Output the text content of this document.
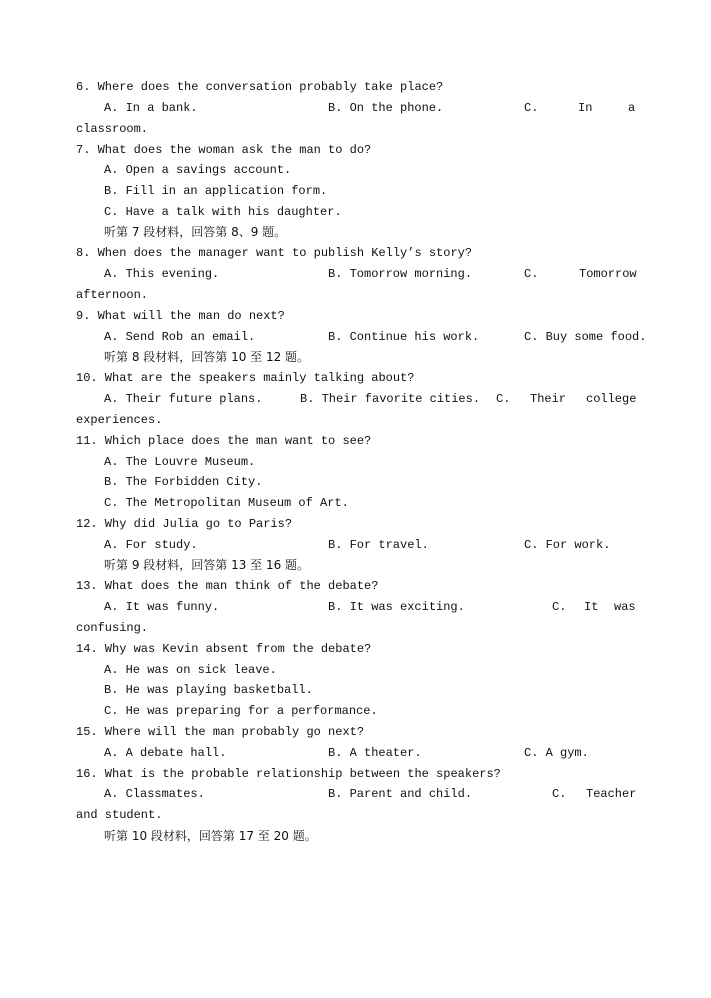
6. Where does the conversation probably take place?
A. In a bank.	B. On the phone.	C.	In	a
classroom.
7. What does the woman ask the man to do?
A. Open a savings account.
B. Fill in an application form.
C. Have a talk with his daughter.
听第 7 段材料，回答第 8、9 题。
8. When does the manager want to publish Kelly’s story?
A. This evening.	B. Tomorrow morning.	C.	Tomorrow
afternoon.
9. What will the man do next?
A. Send Rob an email.	B. Continue his work.	C. Buy some food.
听第 8 段材料，回答第 10 至 12 题。
10. What are the speakers mainly talking about?
A. Their future plans.	B. Their favorite cities. C. Their college
experiences.
11. Which place does the man want to see?
A. The Louvre Museum.
B. The Forbidden City.
C. The Metropolitan Museum of Art.
12. Why did Julia go to Paris?
A. For study.	B. For travel.	C. For work.
听第 9 段材料，回答第 13 至 16 题。
13. What does the man think of the debate?
A. It was funny.	B. It was exciting.	C. It was
confusing.
14. Why was Kevin absent from the debate?
A. He was on sick leave.
B. He was playing basketball.
C. He was preparing for a performance.
15. Where will the man probably go next?
A. A debate hall.	B. A theater.	C. A gym.
16. What is the probable relationship between the speakers?
A. Classmates.	B. Parent and child.	C. Teacher
and student.
听第 10 段材料，回答第 17 至 20 题。
